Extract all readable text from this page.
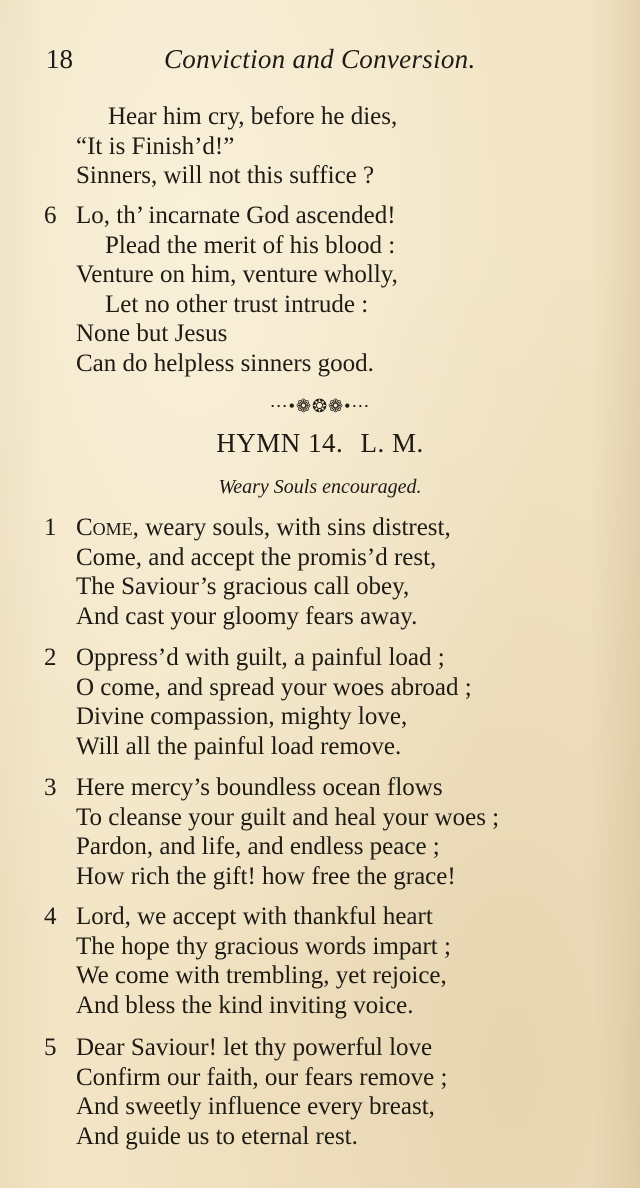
18	Conviction and Conversion.
Hear him cry, before he dies,
“It is Finish’d!”
Sinners, will not this suffice ?
6 Lo, th’ incarnate God ascended!
Plead the merit of his blood :
Venture on him, venture wholly,
Let no other trust intrude :
None but Jesus
Can do helpless sinners good.
⋯•❁❂❁•⋯
HYMN 14. L. M.
Weary Souls encouraged.
1 Come, weary souls, with sins distrest,
Come, and accept the promis’d rest,
The Saviour’s gracious call obey,
And cast your gloomy fears away.
2 Oppress’d with guilt, a painful load ;
O come, and spread your woes abroad ;
Divine compassion, mighty love,
Will all the painful load remove.
3 Here mercy’s boundless ocean flows
To cleanse your guilt and heal your woes ;
Pardon, and life, and endless peace ;
How rich the gift! how free the grace!
4 Lord, we accept with thankful heart
The hope thy gracious words impart ;
We come with trembling, yet rejoice,
And bless the kind inviting voice.
5 Dear Saviour! let thy powerful love
Confirm our faith, our fears remove ;
And sweetly influence every breast,
And guide us to eternal rest.
